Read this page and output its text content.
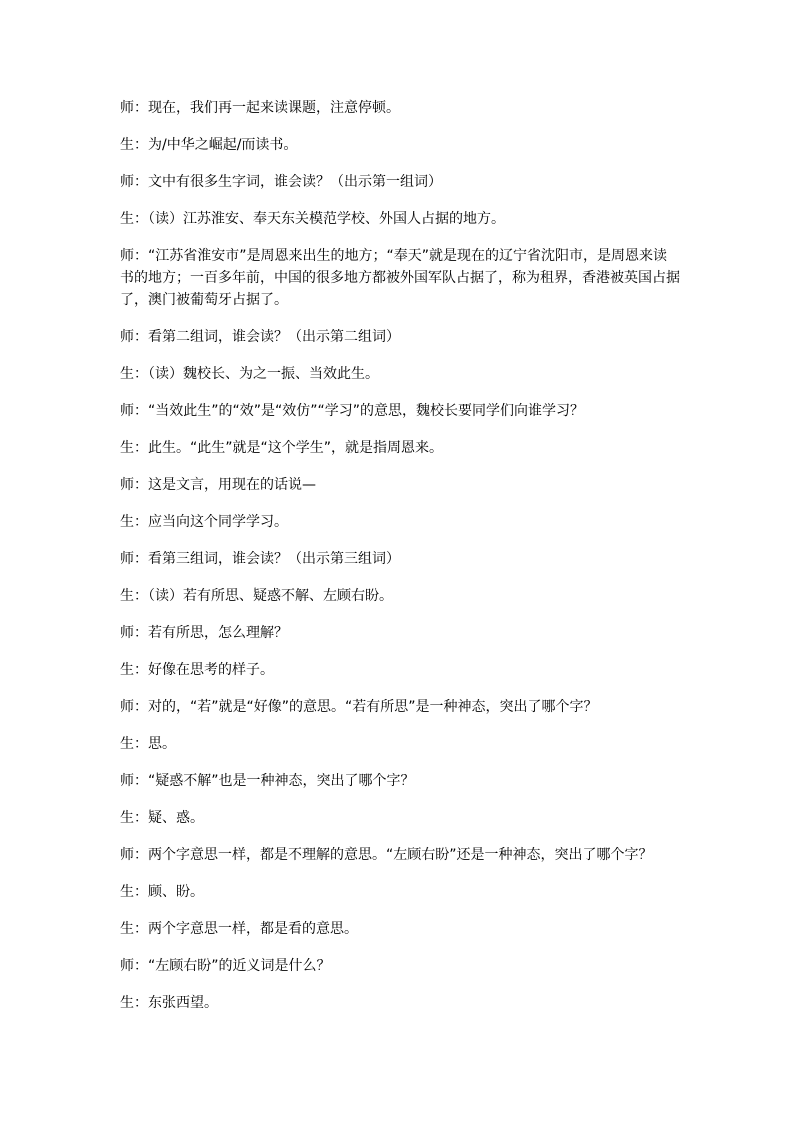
师：现在，我们再一起来读课题，注意停顿。

生：为/中华之崛起/而读书。

师：文中有很多生字词，谁会读？（出示第一组词）

生：（读）江苏淮安、奉天东关模范学校、外国人占据的地方。

师：“江苏省淮安市”是周恩来出生的地方；“奉天”就是现在的辽宁省沈阳市，是周恩来读书的地方；一百多年前，中国的很多地方都被外国军队占据了，称为租界，香港被英国占据了，澳门被葡萄牙占据了。

师：看第二组词，谁会读？（出示第二组词）

生：（读）魏校长、为之一振、当效此生。

师：“当效此生”的“效”是“效仿”“学习”的意思，魏校长要同学们向谁学习？

生：此生。“此生”就是“这个学生”，就是指周恩来。

师：这是文言，用现在的话说—

生：应当向这个同学学习。

师：看第三组词，谁会读？（出示第三组词）

生：（读）若有所思、疑惑不解、左顾右盼。

师：若有所思，怎么理解？

生：好像在思考的样子。

师：对的，“若”就是“好像”的意思。“若有所思”是一种神态，突出了哪个字？

生：思。

师：“疑惑不解”也是一种神态，突出了哪个字？

生：疑、惑。

师：两个字意思一样，都是不理解的意思。“左顾右盼”还是一种神态，突出了哪个字？

生：顾、盼。

生：两个字意思一样，都是看的意思。

师：“左顾右盼”的近义词是什么？

生：东张西望。
